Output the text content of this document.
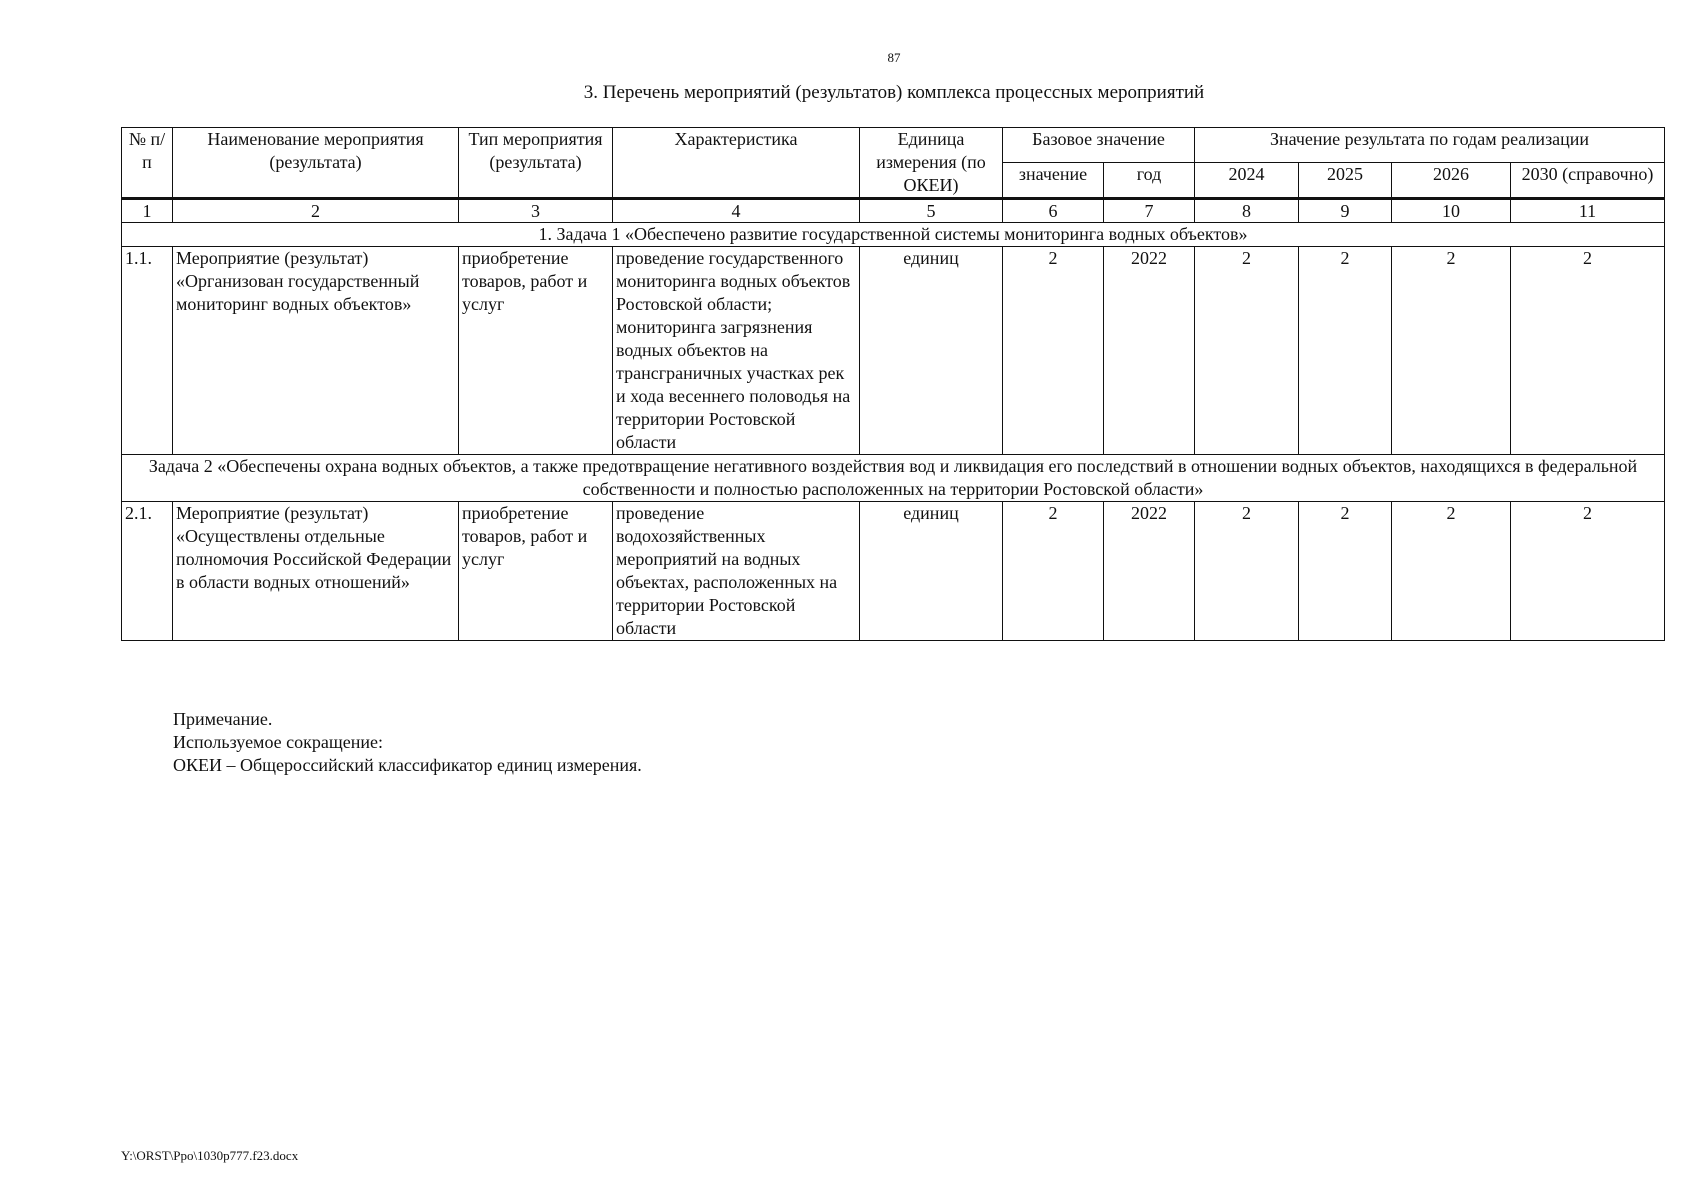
87
3. Перечень мероприятий (результатов) комплекса процессных мероприятий
№ п/п	Наименование мероприятия (результата)	Тип мероприятия (результата)	Характеристика	Единица измерения (по ОКЕИ)	Базовое значение		Значение результата по годам реализации			
					значение	год	2024	2025	2026	2030 (справочно)
1	2	3	4	5	6	7	8	9	10	11
1. Задача 1 «Обеспечено развитие государственной системы мониторинга водных объектов»										
1.1.	Мероприятие (результат) «Организован государственный мониторинг водных объектов»	приобретение товаров, работ и услуг	проведение государственного мониторинга водных объектов Ростовской области; мониторинга загрязнения водных объектов на трансграничных участках рек и хода весеннего половодья на территории Ростовской области	единиц	2	2022	2	2	2	2
Задача 2 «Обеспечены охрана водных объектов, а также предотвращение негативного воздействия вод и ликвидация его последствий в отношении водных объектов, находящихся в федеральной собственности и полностью расположенных на территории Ростовской области»										
2.1.	Мероприятие (результат) «Осуществлены отдельные полномочия Российской Федерации в области водных отношений»	приобретение товаров, работ и услуг	проведение водохозяйственных мероприятий на водных объектах, расположенных на территории Ростовской области	единиц	2	2022	2	2	2	2
Примечание.
Используемое сокращение:
ОКЕИ – Общероссийский классификатор единиц измерения.
Y:\ORST\Ppo\1030p777.f23.docx
